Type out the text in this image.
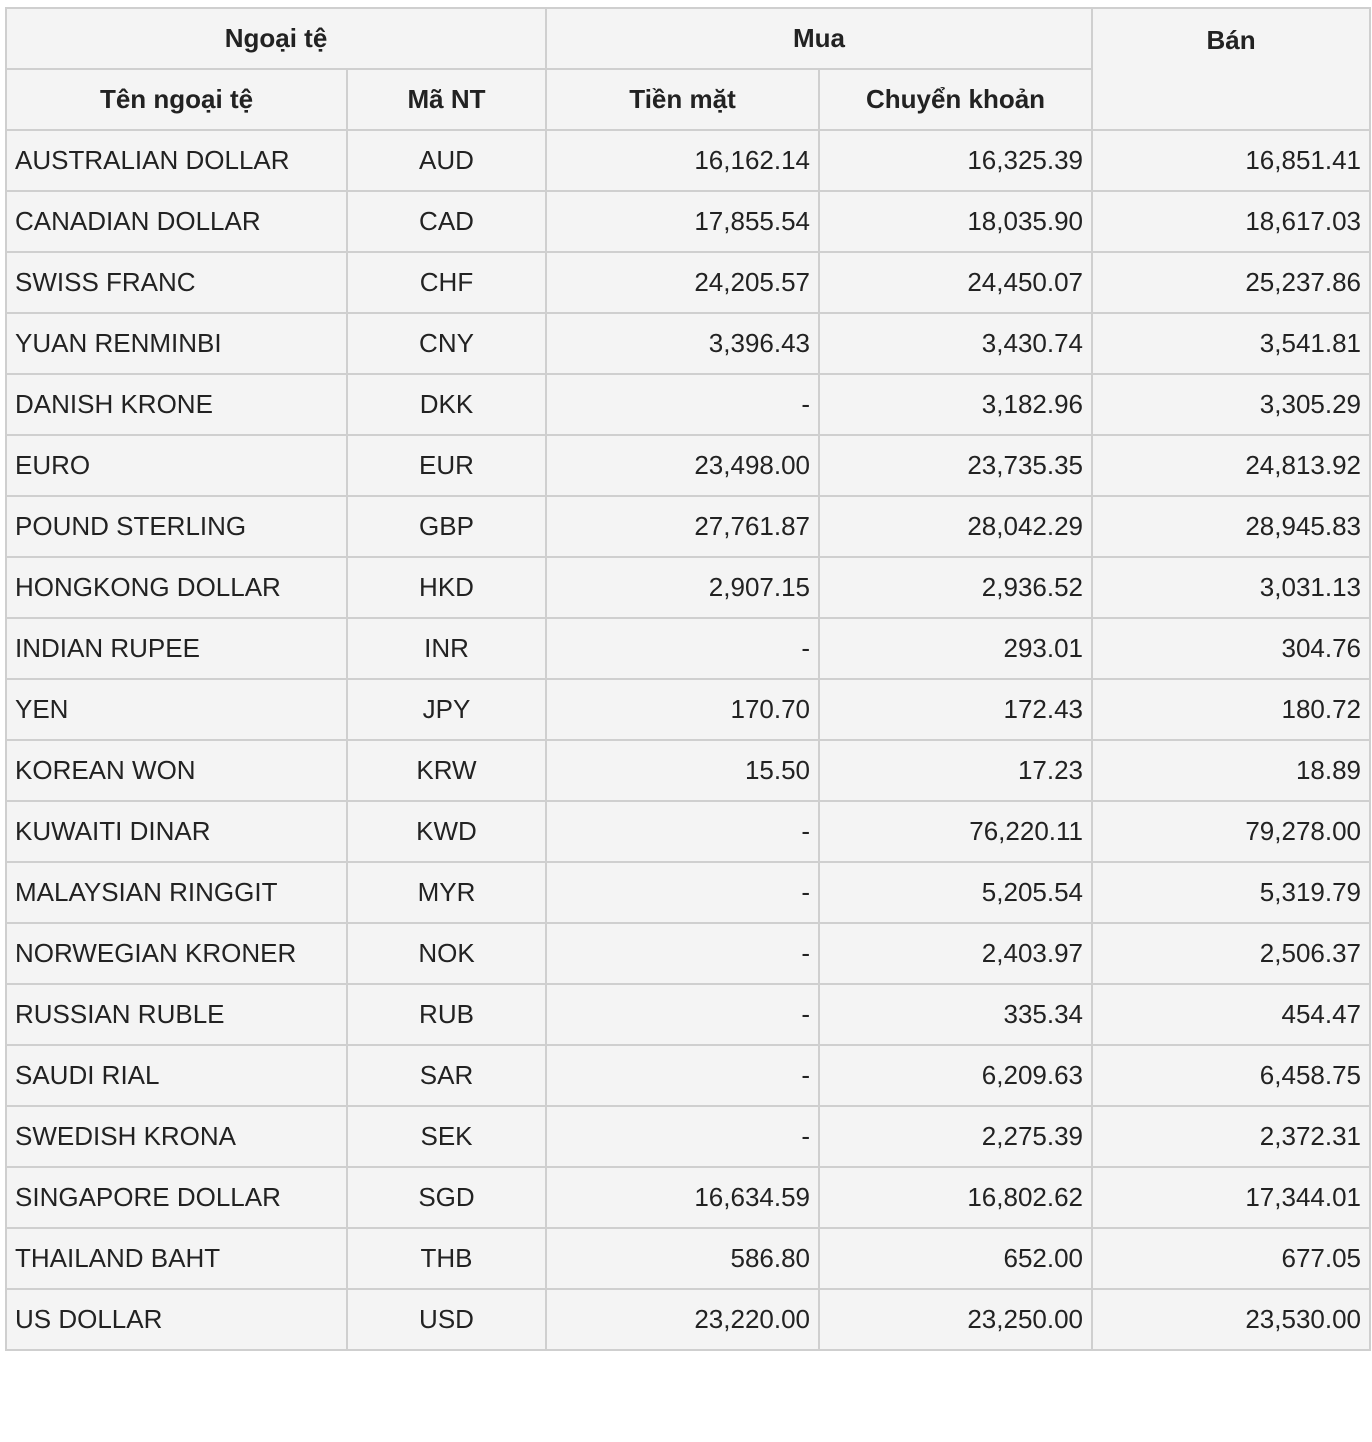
Ngoại tệ		Mua		Bán
Tên ngoại tệ	Mã NT	Tiền mặt	Chuyển khoản	
AUSTRALIAN DOLLAR	AUD	16,162.14	16,325.39	16,851.41
CANADIAN DOLLAR	CAD	17,855.54	18,035.90	18,617.03
SWISS FRANC	CHF	24,205.57	24,450.07	25,237.86
YUAN RENMINBI	CNY	3,396.43	3,430.74	3,541.81
DANISH KRONE	DKK	-	3,182.96	3,305.29
EURO	EUR	23,498.00	23,735.35	24,813.92
POUND STERLING	GBP	27,761.87	28,042.29	28,945.83
HONGKONG DOLLAR	HKD	2,907.15	2,936.52	3,031.13
INDIAN RUPEE	INR	-	293.01	304.76
YEN	JPY	170.70	172.43	180.72
KOREAN WON	KRW	15.50	17.23	18.89
KUWAITI DINAR	KWD	-	76,220.11	79,278.00
MALAYSIAN RINGGIT	MYR	-	5,205.54	5,319.79
NORWEGIAN KRONER	NOK	-	2,403.97	2,506.37
RUSSIAN RUBLE	RUB	-	335.34	454.47
SAUDI RIAL	SAR	-	6,209.63	6,458.75
SWEDISH KRONA	SEK	-	2,275.39	2,372.31
SINGAPORE DOLLAR	SGD	16,634.59	16,802.62	17,344.01
THAILAND BAHT	THB	586.80	652.00	677.05
US DOLLAR	USD	23,220.00	23,250.00	23,530.00
